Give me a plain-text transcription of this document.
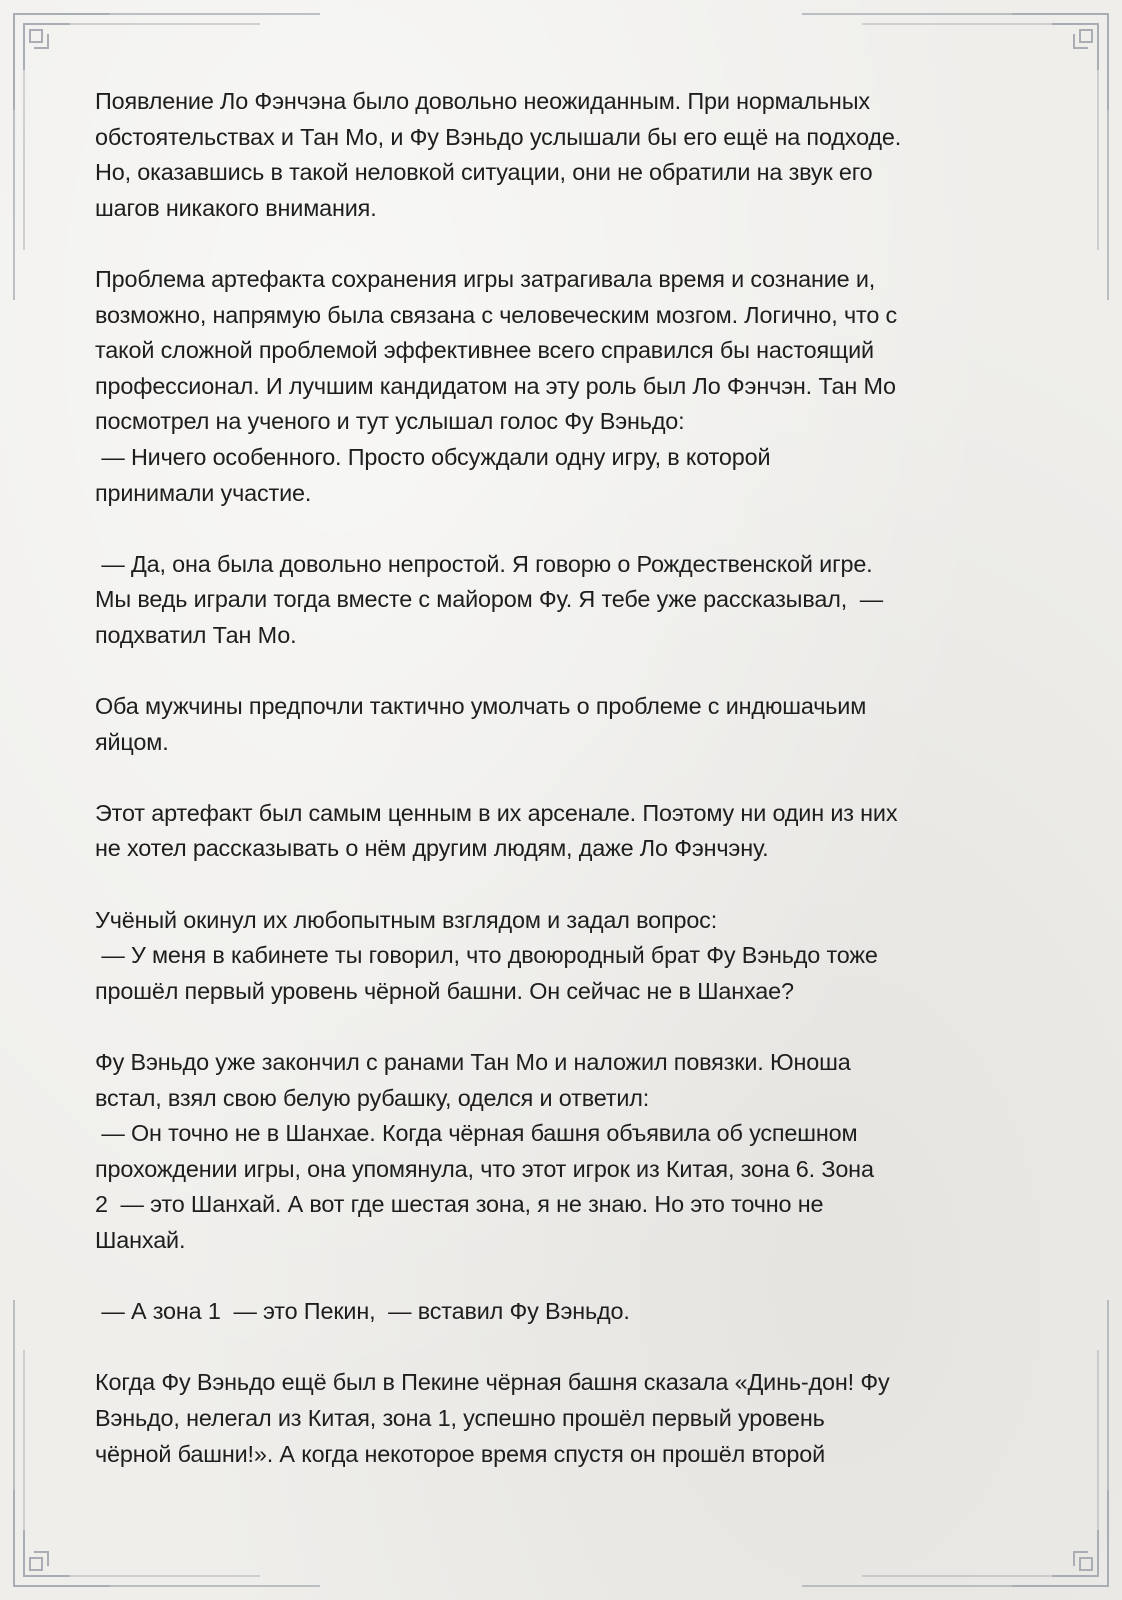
Появление Ло Фэнчэна было довольно неожиданным. При нормальных
обстоятельствах и Тан Мо, и Фу Вэньдо услышали бы его ещё на подходе.
Но, оказавшись в такой неловкой ситуации, они не обратили на звук его
шагов никакого внимания.
Проблема артефакта сохранения игры затрагивала время и сознание и,
возможно, напрямую была связана с человеческим мозгом. Логично, что с
такой сложной проблемой эффективнее всего справился бы настоящий
профессионал. И лучшим кандидатом на эту роль был Ло Фэнчэн. Тан Мо
посмотрел на ученого и тут услышал голос Фу Вэньдо:
— Ничего особенного. Просто обсуждали одну игру, в которой
принимали участие.
— Да, она была довольно непростой. Я говорю о Рождественской игре.
Мы ведь играли тогда вместе с майором Фу. Я тебе уже рассказывал,  —
подхватил Тан Мо.
Оба мужчины предпочли тактично умолчать о проблеме с индюшачьим
яйцом.
Этот артефакт был самым ценным в их арсенале. Поэтому ни один из них
не хотел рассказывать о нём другим людям, даже Ло Фэнчэну.
Учёный окинул их любопытным взглядом и задал вопрос:
— У меня в кабинете ты говорил, что двоюродный брат Фу Вэньдо тоже
прошёл первый уровень чёрной башни. Он сейчас не в Шанхае?
Фу Вэньдо уже закончил с ранами Тан Мо и наложил повязки. Юноша
встал, взял свою белую рубашку, оделся и ответил:
— Он точно не в Шанхае. Когда чёрная башня объявила об успешном
прохождении игры, она упомянула, что этот игрок из Китая, зона 6. Зона
2  — это Шанхай. А вот где шестая зона, я не знаю. Но это точно не
Шанхай.
— А зона 1  — это Пекин,  — вставил Фу Вэньдо.
Когда Фу Вэньдо ещё был в Пекине чёрная башня сказала «Динь-дон! Фу
Вэньдо, нелегал из Китая, зона 1, успешно прошёл первый уровень
чёрной башни!». А когда некоторое время спустя он прошёл второй
